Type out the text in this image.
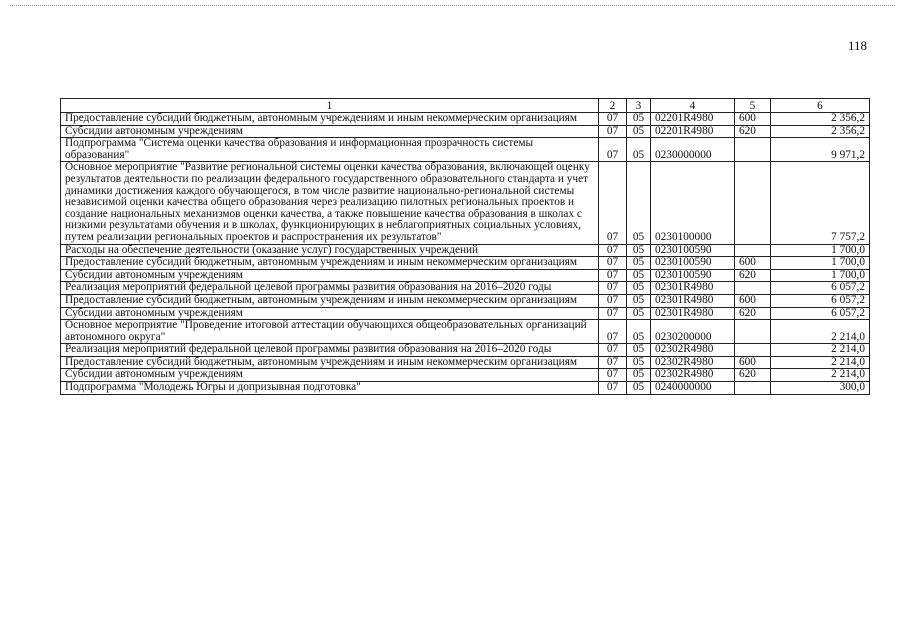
118
1	2	3	4	5	6
Предоставление субсидий бюджетным, автономным учреждениям и иным некоммерческим организациям	07	05	02201R4980	600	2 356,2
Субсидии автономным учреждениям	07	05	02201R4980	620	2 356,2
Подпрограмма "Система оценки качества образования и информационная прозрачность системы образования"	07	05	0230000000		9 971,2
Основное мероприятие "Развитие региональной системы оценки качества образования, включающей оценку результатов деятельности по реализации федерального государственного образовательного стандарта и учет динамики достижения каждого обучающегося, в том числе развитие национально-региональной системы независимой оценки качества общего образования через реализацию пилотных региональных проектов и создание национальных механизмов оценки качества, а также повышение качества образования в школах с низкими результатами обучения и в школах, функционирующих в неблагоприятных социальных условиях, путем реализации региональных проектов и распространения их результатов"	07	05	0230100000		7 757,2
Расходы на обеспечение деятельности (оказание услуг) государственных учреждений	07	05	0230100590		1 700,0
Предоставление субсидий бюджетным, автономным учреждениям и иным некоммерческим организациям	07	05	0230100590	600	1 700,0
Субсидии автономным учреждениям	07	05	0230100590	620	1 700,0
Реализация мероприятий федеральной целевой программы развития образования на 2016–2020 годы	07	05	02301R4980		6 057,2
Предоставление субсидий бюджетным, автономным учреждениям и иным некоммерческим организациям	07	05	02301R4980	600	6 057,2
Субсидии автономным учреждениям	07	05	02301R4980	620	6 057,2
Основное мероприятие "Проведение итоговой аттестации обучающихся общеобразовательных организаций автономного округа"	07	05	0230200000		2 214,0
Реализация мероприятий федеральной целевой программы развития образования на 2016–2020 годы	07	05	02302R4980		2 214,0
Предоставление субсидий бюджетным, автономным учреждениям и иным некоммерческим организациям	07	05	02302R4980	600	2 214,0
Субсидии автономным учреждениям	07	05	02302R4980	620	2 214,0
Подпрограмма "Молодежь Югры и допризывная подготовка"	07	05	0240000000		300,0
